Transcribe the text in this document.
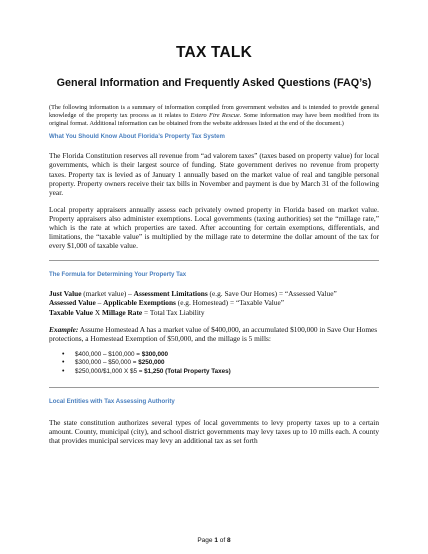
TAX TALK
General Information and Frequently Asked Questions (FAQ’s)

(The following information is a summary of information compiled from government websites and is intended to provide general knowledge of the property tax process as it relates to Estero Fire Rescue. Some information may have been modified from its original format. Additional information can be obtained from the website addresses listed at the end of the document.)

What You Should Know About Florida’s Property Tax System

The Florida Constitution reserves all revenue from “ad valorem taxes” (taxes based on property value) for local governments, which is their largest source of funding. State government derives no revenue from property taxes. Property tax is levied as of January 1 annually based on the market value of real and tangible personal property. Property owners receive their tax bills in November and payment is due by March 31 of the following year.

Local property appraisers annually assess each privately owned property in Florida based on market value. Property appraisers also administer exemptions. Local governments (taxing authorities) set the “millage rate,” which is the rate at which properties are taxed. After accounting for certain exemptions, differentials, and limitations, the “taxable value” is multiplied by the millage rate to determine the dollar amount of the tax for every $1,000 of taxable value.

The Formula for Determining Your Property Tax

Just Value (market value) – Assessment Limitations (e.g. Save Our Homes) = “Assessed Value”

Assessed Value – Applicable Exemptions (e.g. Homestead) = “Taxable Value”

Taxable Value X Millage Rate = Total Tax Liability

Example: Assume Homestead A has a market value of $400,000, an accumulated $100,000 in Save Our Homes protections, a Homestead Exemption of $50,000, and the millage is 5 mills:

• $400,000 – $100,000 = $300,000
• $300,000 – $50,000 = $250,000
• $250,000/$1,000 X $5 = $1,250 (Total Property Taxes)

Local Entities with Tax Assessing Authority

The state constitution authorizes several types of local governments to levy property taxes up to a certain amount. County, municipal (city), and school district governments may levy taxes up to 10 mills each. A county that provides municipal services may levy an additional tax as set forth

Page 1 of 8
